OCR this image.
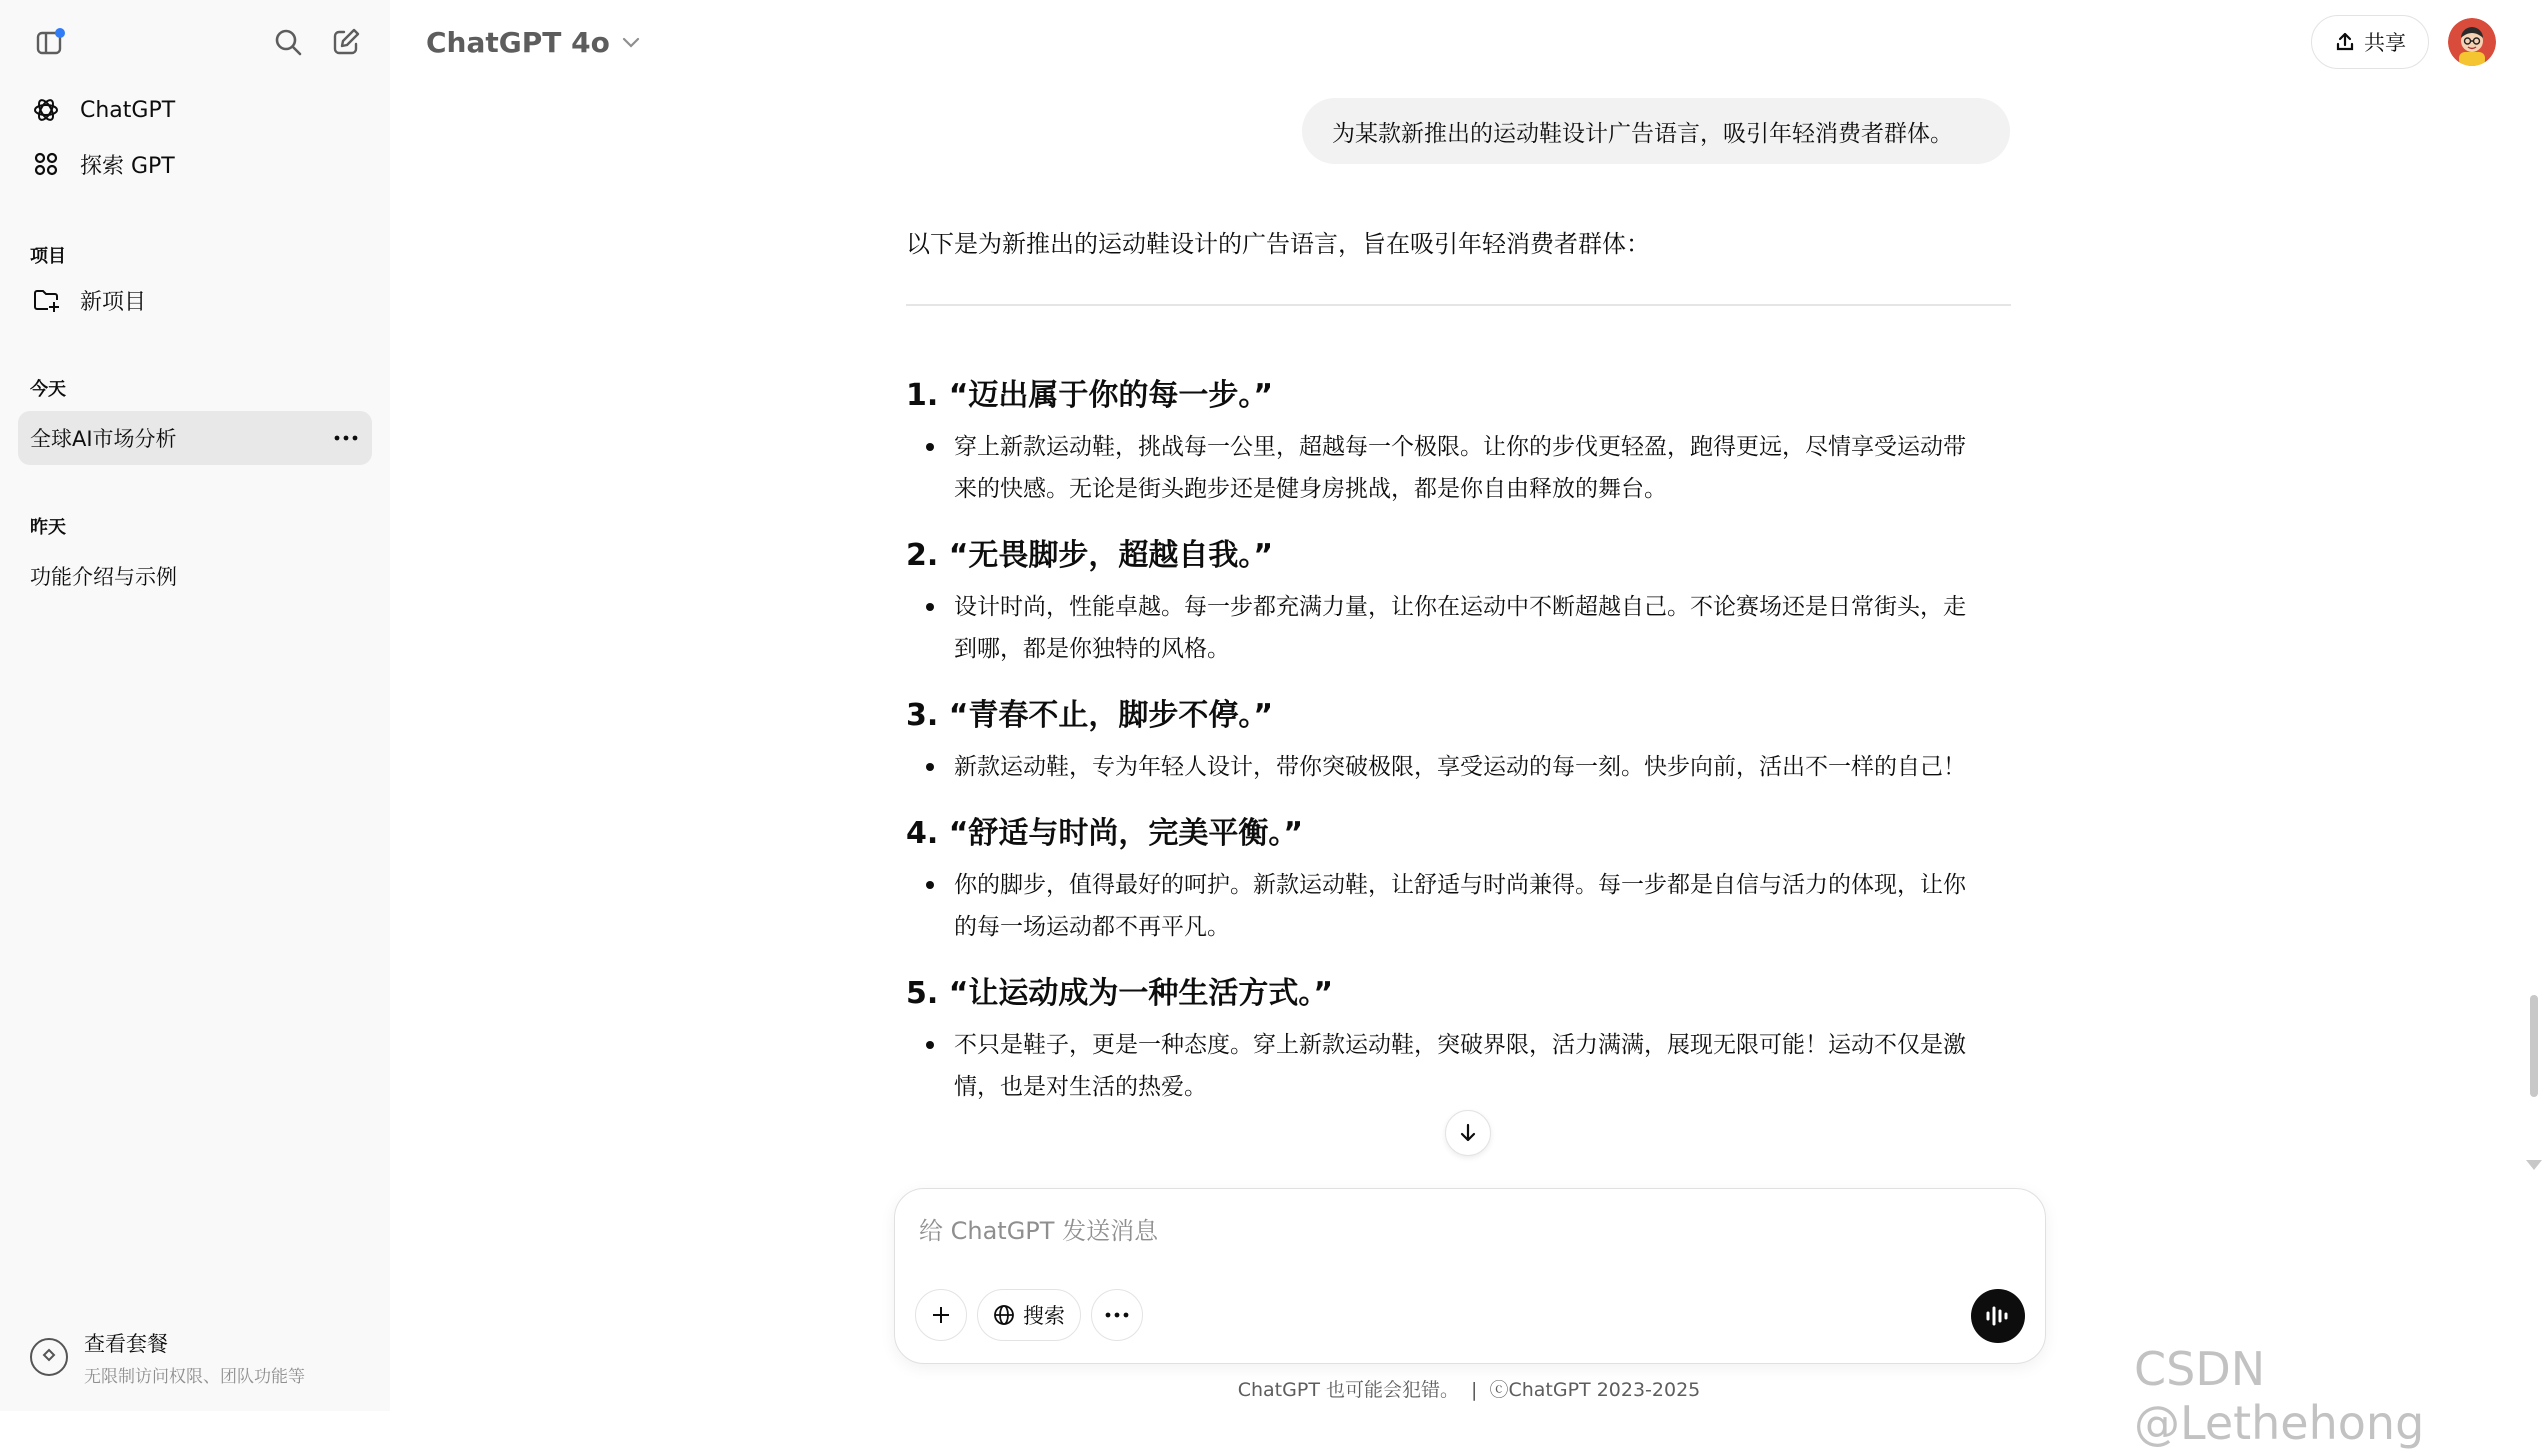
ChatGPT
探索 GPT
项目
新项目
今天
全球AI市场分析
昨天
功能介绍与示例
查看套餐
无限制访问权限、团队功能等
ChatGPT 4o	共享
为某款新推出的运动鞋设计广告语言，吸引年轻消费者群体。

以下是为新推出的运动鞋设计的广告语言，旨在吸引年轻消费者群体：

1. “迈出属于你的每一步。”

穿上新款运动鞋，挑战每一公里，超越每一个极限。让你的步伐更轻盈，跑得更远，尽情享受运动带
来的快感。无论是街头跑步还是健身房挑战，都是你自由释放的舞台。

2. “无畏脚步，超越自我。”

设计时尚，性能卓越。每一步都充满力量，让你在运动中不断超越自己。不论赛场还是日常街头，走
到哪，都是你独特的风格。

3. “青春不止，脚步不停。”

新款运动鞋，专为年轻人设计，带你突破极限，享受运动的每一刻。快步向前，活出不一样的自己！

4. “舒适与时尚，完美平衡。”

你的脚步，值得最好的呵护。新款运动鞋，让舒适与时尚兼得。每一步都是自信与活力的体现，让你
的每一场运动都不再平凡。

5. “让运动成为一种生活方式。”

不只是鞋子，更是一种态度。穿上新款运动鞋，突破界限，活力满满，展现无限可能！运动不仅是激
情，也是对生活的热爱。

给 ChatGPT 发送消息
搜索
ChatGPT 也可能会犯错。 | ⓒChatGPT 2023-2025	CSDN @Lethehong
